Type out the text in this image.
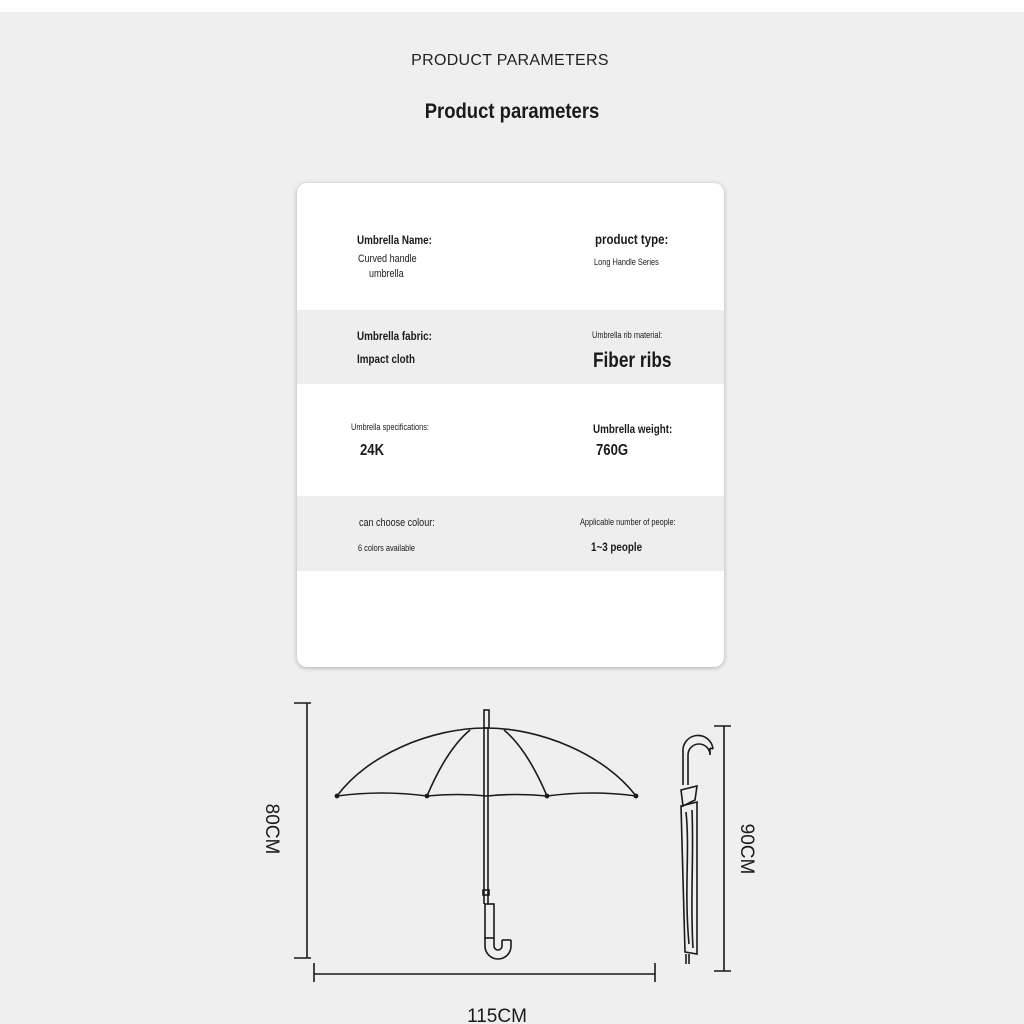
PRODUCT PARAMETERS
Product parameters
Umbrella Name:
Curved handle
umbrella
product type:
Long Handle Series
Umbrella fabric:
Impact cloth
Umbrella rib material:
Fiber ribs
Umbrella specifications:
24K
Umbrella weight:
760G
can choose colour:
6 colors available
Applicable number of people:
1~3 people
80CM
115CM
90CM
